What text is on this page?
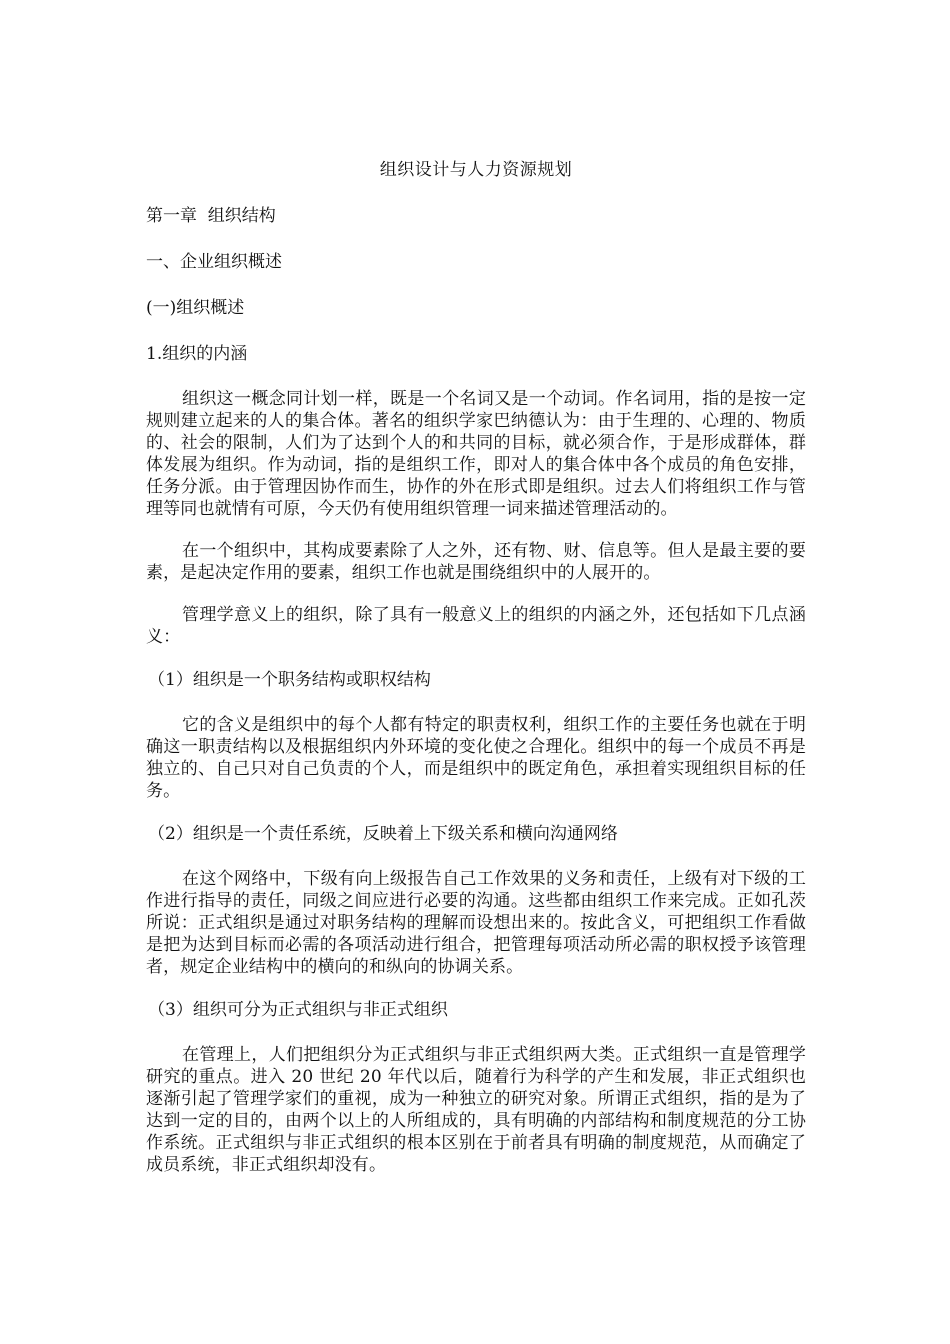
组织设计与人力资源规划
第一章  组织结构
一、企业组织概述
(一)组织概述
1.组织的内涵

组织这一概念同计划一样，既是一个名词又是一个动词。作名词用，指的是按一定规则建立起来的人的集合体。著名的组织学家巴纳德认为：由于生理的、心理的、物质的、社会的限制，人们为了达到个人的和共同的目标，就必须合作，于是形成群体，群体发展为组织。作为动词，指的是组织工作，即对人的集合体中各个成员的角色安排，任务分派。由于管理因协作而生，协作的外在形式即是组织。过去人们将组织工作与管理等同也就情有可原，今天仍有使用组织管理一词来描述管理活动的。

在一个组织中，其构成要素除了人之外，还有物、财、信息等。但人是最主要的要素，是起决定作用的要素，组织工作也就是围绕组织中的人展开的。

管理学意义上的组织，除了具有一般意义上的组织的内涵之外，还包括如下几点涵义：

（1）组织是一个职务结构或职权结构

它的含义是组织中的每个人都有特定的职责权利，组织工作的主要任务也就在于明确这一职责结构以及根据组织内外环境的变化使之合理化。组织中的每一个成员不再是独立的、自己只对自己负责的个人，而是组织中的既定角色，承担着实现组织目标的任务。

（2）组织是一个责任系统，反映着上下级关系和横向沟通网络

在这个网络中，下级有向上级报告自己工作效果的义务和责任，上级有对下级的工作进行指导的责任，同级之间应进行必要的沟通。这些都由组织工作来完成。正如孔茨所说：正式组织是通过对职务结构的理解而设想出来的。按此含义，可把组织工作看做是把为达到目标而必需的各项活动进行组合，把管理每项活动所必需的职权授予该管理者，规定企业结构中的横向的和纵向的协调关系。

（3）组织可分为正式组织与非正式组织

在管理上，人们把组织分为正式组织与非正式组织两大类。正式组织一直是管理学研究的重点。进入 20 世纪 20 年代以后，随着行为科学的产生和发展，非正式组织也逐渐引起了管理学家们的重视，成为一种独立的研究对象。所谓正式组织，指的是为了达到一定的目的，由两个以上的人所组成的，具有明确的内部结构和制度规范的分工协作系统。正式组织与非正式组织的根本区别在于前者具有明确的制度规范，从而确定了成员系统，非正式组织却没有。
